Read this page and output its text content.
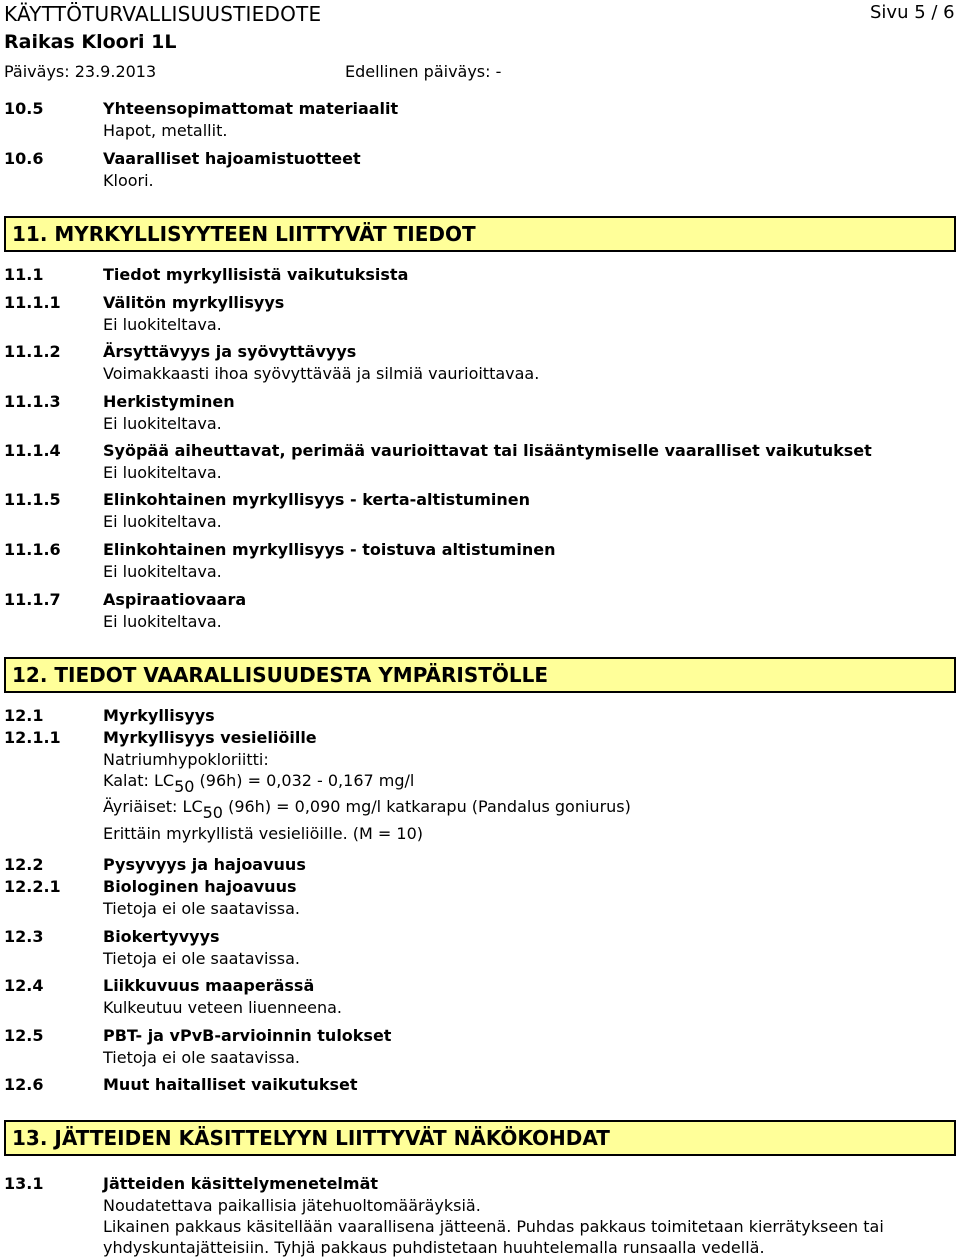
KÄYTTÖTURVALLISUUSTIEDOTE	Sivu 5 / 6
Raikas Kloori 1L
Päiväys: 23.9.2013	Edellinen päiväys: -
10.5	Yhteensopimattomat materiaalit
Hapot, metallit.
10.6	Vaaralliset hajoamistuotteet
Kloori.
11. MYRKYLLISYYTEEN LIITTYVÄT TIEDOT
11.1	Tiedot myrkyllisistä vaikutuksista
11.1.1	Välitön myrkyllisyys
Ei luokiteltava.
11.1.2	Ärsyttävyys ja syövyttävyys
Voimakkaasti ihoa syövyttävää ja silmiä vaurioittavaa.
11.1.3	Herkistyminen
Ei luokiteltava.
11.1.4	Syöpää aiheuttavat, perimää vaurioittavat tai lisääntymiselle vaaralliset vaikutukset
Ei luokiteltava.
11.1.5	Elinkohtainen myrkyllisyys - kerta-altistuminen
Ei luokiteltava.
11.1.6	Elinkohtainen myrkyllisyys - toistuva altistuminen
Ei luokiteltava.
11.1.7	Aspiraatiovaara
Ei luokiteltava.
12. TIEDOT VAARALLISUUDESTA YMPÄRISTÖLLE
12.1	Myrkyllisyys
12.1.1	Myrkyllisyys vesieliöille
Natriumhypokloriitti:
Kalat: $LC_{50}$ (96h) = 0,032 - 0,167 mg/l
Äyriäiset: $LC_{50}$ (96h) = 0,090 mg/l katkarapu (Pandalus goniurus)
Erittäin myrkyllistä vesieliöille. (M = 10)
12.2	Pysyvyys ja hajoavuus
12.2.1	Biologinen hajoavuus
Tietoja ei ole saatavissa.
12.3	Biokertyvyys
Tietoja ei ole saatavissa.
12.4	Liikkuvuus maaperässä
Kulkeutuu veteen liuenneena.
12.5	PBT- ja vPvB-arvioinnin tulokset
Tietoja ei ole saatavissa.
12.6	Muut haitalliset vaikutukset
13. JÄTTEIDEN KÄSITTELYYN LIITTYVÄT NÄKÖKOHDAT
13.1	Jätteiden käsittelymenetelmät
Noudatettava paikallisia jätehuoltomääräyksiä.
Likainen pakkaus käsitellään vaarallisena jätteenä. Puhdas pakkaus toimitetaan kierrätykseen tai
yhdyskuntajätteisiin. Tyhjä pakkaus puhdistetaan huuhtelemalla runsaalla vedellä.
